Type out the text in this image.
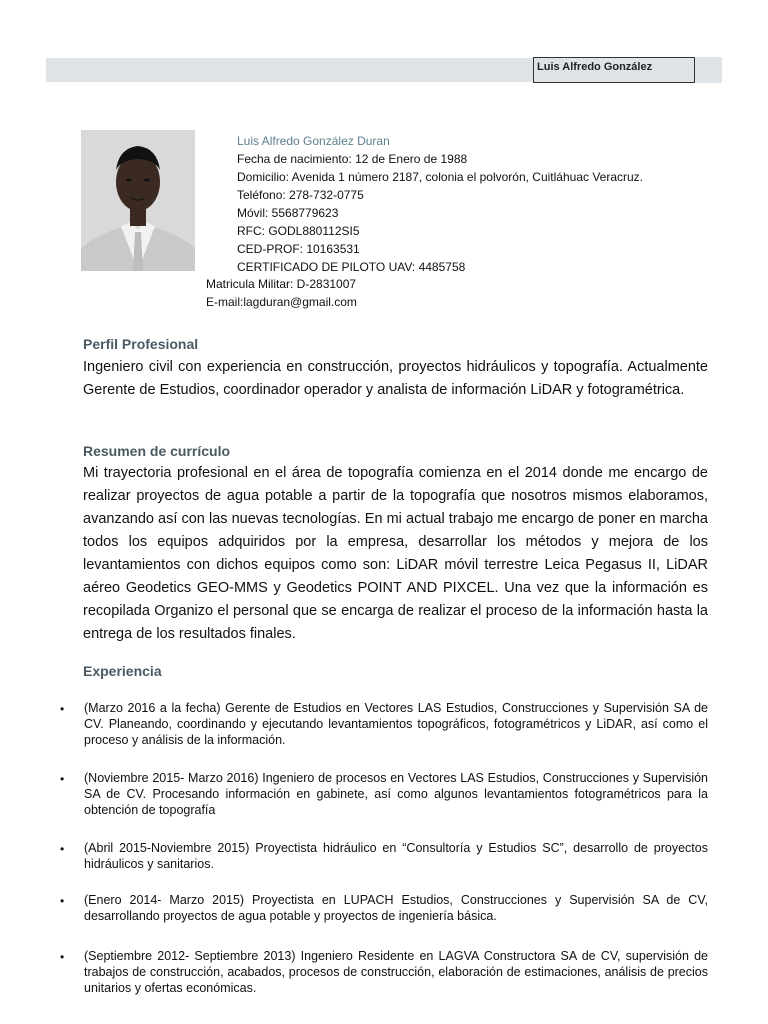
Luis Alfredo González
Luis Alfredo González Duran
Fecha de nacimiento: 12 de Enero de 1988
Domicilio: Avenida 1 número 2187, colonia el polvorón, Cuitláhuac Veracruz.
Teléfono: 278-732-0775
Móvil: 5568779623
RFC: GODL880112SI5
CED-PROF: 10163531
CERTIFICADO DE PILOTO UAV: 4485758
Matricula Militar: D-2831007
E-mail:lagduran@gmail.com
Perfil Profesional
Ingeniero civil con experiencia en construcción, proyectos hidráulicos y topografía. Actualmente Gerente de Estudios, coordinador operador y analista de información LiDAR y fotogramétrica.
Resumen de currículo
Mi trayectoria profesional en el área de topografía comienza en el 2014 donde me encargo de realizar proyectos de agua potable a partir de la topografía que nosotros mismos elaboramos, avanzando así con las nuevas tecnologías. En mi actual trabajo me encargo de poner en marcha todos los equipos adquiridos por la empresa, desarrollar los métodos y mejora de los levantamientos con dichos equipos como son: LiDAR móvil terrestre Leica Pegasus II, LiDAR aéreo Geodetics GEO-MMS y Geodetics POINT AND PIXCEL. Una vez que la información es recopilada Organizo el personal que se encarga de realizar el proceso de la información hasta la entrega de los resultados finales.
Experiencia
•	(Marzo 2016 a la fecha) Gerente de Estudios en Vectores LAS Estudios, Construcciones y Supervisión SA de CV. Planeando, coordinando y ejecutando levantamientos topográficos, fotogramétricos y LiDAR, así como el proceso y análisis de la información.
•	(Noviembre 2015- Marzo 2016) Ingeniero de procesos en Vectores LAS Estudios, Construcciones y Supervisión SA de CV. Procesando información en gabinete, así como algunos levantamientos fotogramétricos para la obtención de topografía
•	(Abril 2015-Noviembre 2015) Proyectista hidráulico en “Consultoría y Estudios SC”, desarrollo de proyectos hidráulicos y sanitarios.
•	(Enero 2014- Marzo 2015) Proyectista en LUPACH Estudios, Construcciones y Supervisión SA de CV, desarrollando proyectos de agua potable y proyectos de ingeniería básica.
•	(Septiembre 2012- Septiembre 2013) Ingeniero Residente en LAGVA Constructora SA de CV, supervisión de trabajos de construcción, acabados, procesos de construcción, elaboración de estimaciones, análisis de precios unitarios y ofertas económicas.
